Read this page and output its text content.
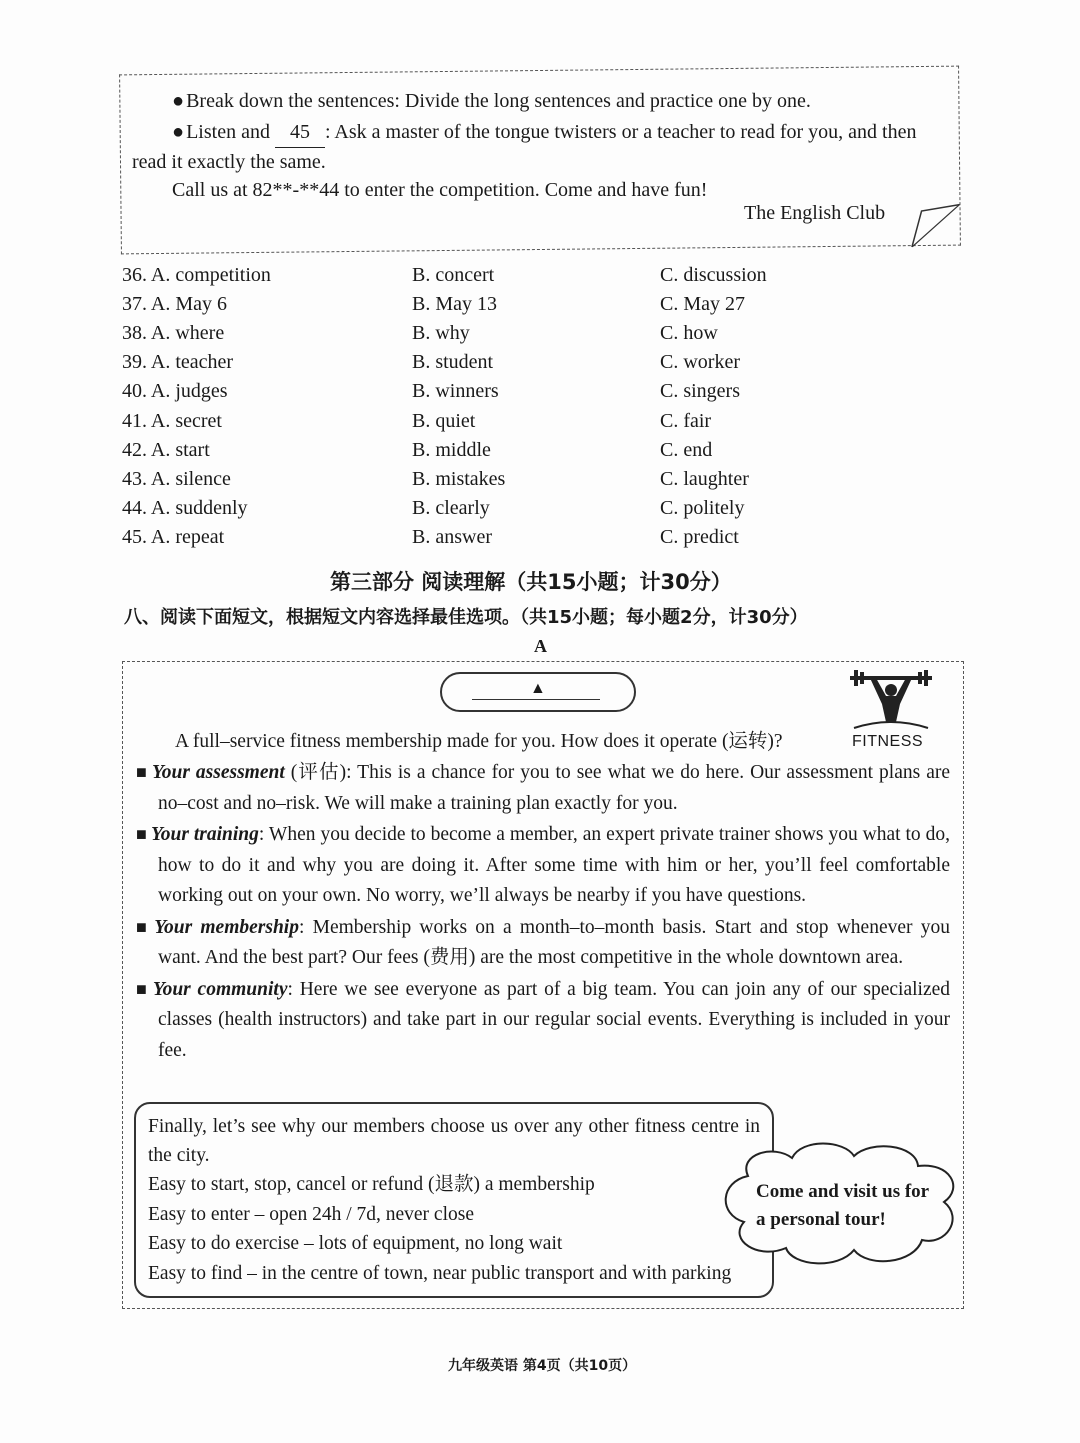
● Break down the sentences: Divide the long sentences and practice one by one.
● Listen and 45 : Ask a master of the tongue twisters or a teacher to read for you, and then
read it exactly the same.
Call us at 82**-**44 to enter the competition. Come and have fun!
The English Club
36. A. competition	B. concert	C. discussion
37. A. May 6	B. May 13	C. May 27
38. A. where	B. why	C. how
39. A. teacher	B. student	C. worker
40. A. judges	B. winners	C. singers
41. A. secret	B. quiet	C. fair
42. A. start	B. middle	C. end
43. A. silence	B. mistakes	C. laughter
44. A. suddenly	B. clearly	C. politely
45. A. repeat	B. answer	C. predict
第三部分 阅读理解（共15小题；计30分）
八、阅读下面短文，根据短文内容选择最佳选项。（共15小题；每小题2分，计30分）
A
▲
FITNESS
A full–service fitness membership made for you. How does it operate (运转)?
■ Your assessment (评估): This is a chance for you to see what we do here. Our assessment plans are no–cost and no–risk. We will make a training plan exactly for you.
■ Your training: When you decide to become a member, an expert private trainer shows you what to do, how to do it and why you are doing it. After some time with him or her, you’ll feel comfortable working out on your own. No worry, we’ll always be nearby if you have questions.
■ Your membership: Membership works on a month–to–month basis. Start and stop whenever you want. And the best part? Our fees (费用) are the most competitive in the whole downtown area.
■ Your community: Here we see everyone as part of a big team. You can join any of our specialized classes (health instructors) and take part in our regular social events. Everything is included in your fee.
Finally, let’s see why our members choose us over any other fitness centre in the city.
Easy to start, stop, cancel or refund (退款) a membership
Easy to enter – open 24h / 7d, never close
Easy to do exercise – lots of equipment, no long wait
Easy to find – in the centre of town, near public transport and with parking
Come and visit us for
a personal tour!
九年级英语 第4页（共10页）
